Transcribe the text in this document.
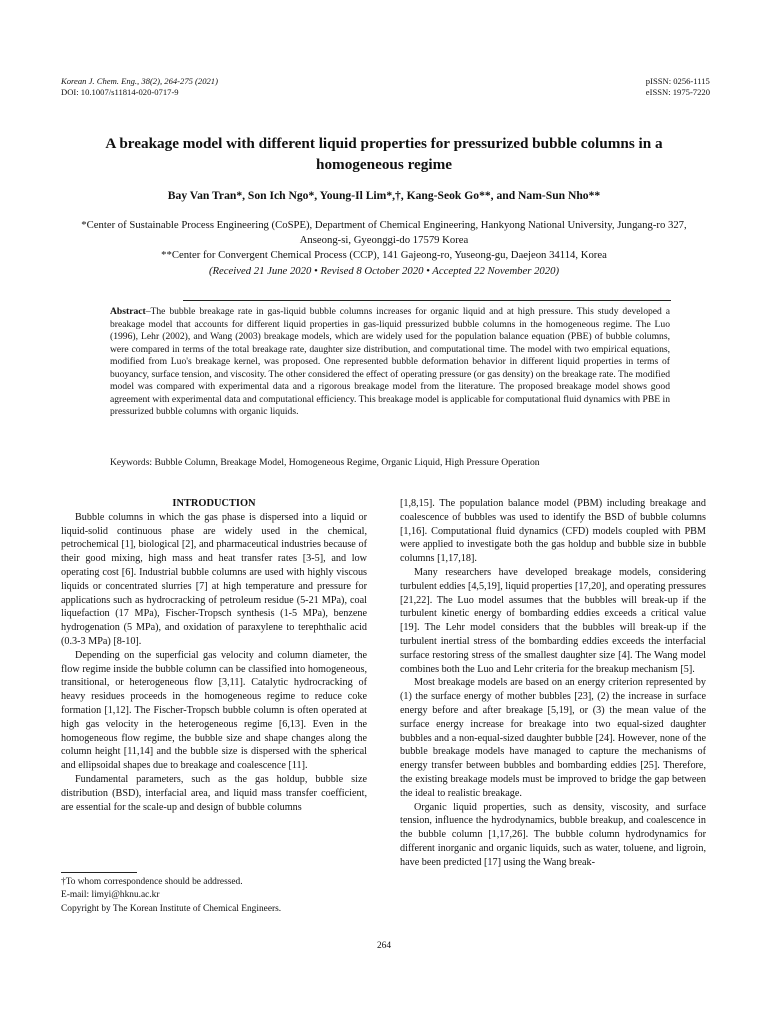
Korean J. Chem. Eng., 38(2), 264-275 (2021)
DOI: 10.1007/s11814-020-0717-9
pISSN: 0256-1115
eISSN: 1975-7220
A breakage model with different liquid properties for pressurized bubble columns in a homogeneous regime

Bay Van Tran*, Son Ich Ngo*, Young-Il Lim*,†, Kang-Seok Go**, and Nam-Sun Nho**

*Center of Sustainable Process Engineering (CoSPE), Department of Chemical Engineering, Hankyong National University, Jungang-ro 327, Anseong-si, Gyeonggi-do 17579 Korea

**Center for Convergent Chemical Process (CCP), 141 Gajeong-ro, Yuseong-gu, Daejeon 34114, Korea

(Received 21 June 2020 • Revised 8 October 2020 • Accepted 22 November 2020)

Abstract–The bubble breakage rate in gas-liquid bubble columns increases for organic liquid and at high pressure. This study developed a breakage model that accounts for different liquid properties in gas-liquid pressurized bubble columns in the homogeneous regime. The Luo (1996), Lehr (2002), and Wang (2003) breakage models, which are widely used for the population balance equation (PBE) of bubble columns, were compared in terms of the total breakage rate, daughter size distribution, and computational time. The model with two empirical equations, modified from Luo's breakage kernel, was proposed. One represented bubble deformation behavior in different liquid properties in terms of buoyancy, surface tension, and viscosity. The other considered the effect of operating pressure (or gas density) on the breakage rate. The modified model was compared with experimental data and a rigorous breakage model from the literature. The proposed breakage model shows good agreement with experimental data and computational efficiency. This breakage model is applicable for computational fluid dynamics with PBE in pressurized bubble columns with organic liquids.

Keywords: Bubble Column, Breakage Model, Homogeneous Regime, Organic Liquid, High Pressure Operation

INTRODUCTION

Bubble columns in which the gas phase is dispersed into a liquid or liquid-solid continuous phase are widely used in the chemical, petrochemical [1], biological [2], and pharmaceutical industries because of their good mixing, high mass and heat transfer rates [3-5], and low operating cost [6]. Industrial bubble columns are used with highly viscous liquids or concentrated slurries [7] at high temperature and pressure for applications such as hydrocracking of petroleum residue (5-21 MPa), coal liquefaction (17 MPa), Fischer-Tropsch synthesis (1-5 MPa), benzene hydrogenation (5 MPa), and oxidation of paraxylene to terephthalic acid (0.3-3 MPa) [8-10].

Depending on the superficial gas velocity and column diameter, the flow regime inside the bubble column can be classified into homogeneous, transitional, or heterogeneous flow [3,11]. Catalytic hydrocracking of heavy residues proceeds in the homogeneous regime to reduce coke formation [1,12]. The Fischer-Tropsch bubble column is often operated at high gas velocity in the heterogeneous regime [6,13]. Even in the homogeneous flow regime, the bubble size and shape changes along the column height [11,14] and the bubble size is dispersed with the spherical and ellipsoidal shapes due to breakage and coalescence [11].

Fundamental parameters, such as the gas holdup, bubble size distribution (BSD), interfacial area, and liquid mass transfer coefficient, are essential for the scale-up and design of bubble columns

[1,8,15]. The population balance model (PBM) including breakage and coalescence of bubbles was used to identify the BSD of bubble columns [1,16]. Computational fluid dynamics (CFD) models coupled with PBM were applied to investigate both the gas holdup and bubble size in bubble columns [1,17,18].

Many researchers have developed breakage models, considering turbulent eddies [4,5,19], liquid properties [17,20], and operating pressures [21,22]. The Luo model assumes that the bubbles will break-up if the turbulent kinetic energy of bombarding eddies exceeds a critical value [19]. The Lehr model considers that the bubbles will break-up if the turbulent inertial stress of the bombarding eddies exceeds the interfacial surface restoring stress of the smallest daughter size [4]. The Wang model combines both the Luo and Lehr criteria for the breakup mechanism [5].

Most breakage models are based on an energy criterion represented by (1) the surface energy of mother bubbles [23], (2) the increase in surface energy before and after breakage [5,19], or (3) the mean value of the surface energy increase for breakage into two equal-sized daughter bubbles and a non-equal-sized daughter bubble [24]. However, none of the bubble breakage models have managed to capture the mechanisms of energy transfer between bubbles and bombarding eddies [25]. Therefore, the existing breakage models must be improved to bridge the gap between the ideal to realistic breakage.

Organic liquid properties, such as density, viscosity, and surface tension, influence the hydrodynamics, bubble breakup, and coalescence in the bubble column [1,17,26]. The bubble column hydrodynamics for different inorganic and organic liquids, such as water, toluene, and ligroin, have been predicted [17] using the Wang break-

†To whom correspondence should be addressed.

E-mail: limyi@hknu.ac.kr

Copyright by The Korean Institute of Chemical Engineers.

264
